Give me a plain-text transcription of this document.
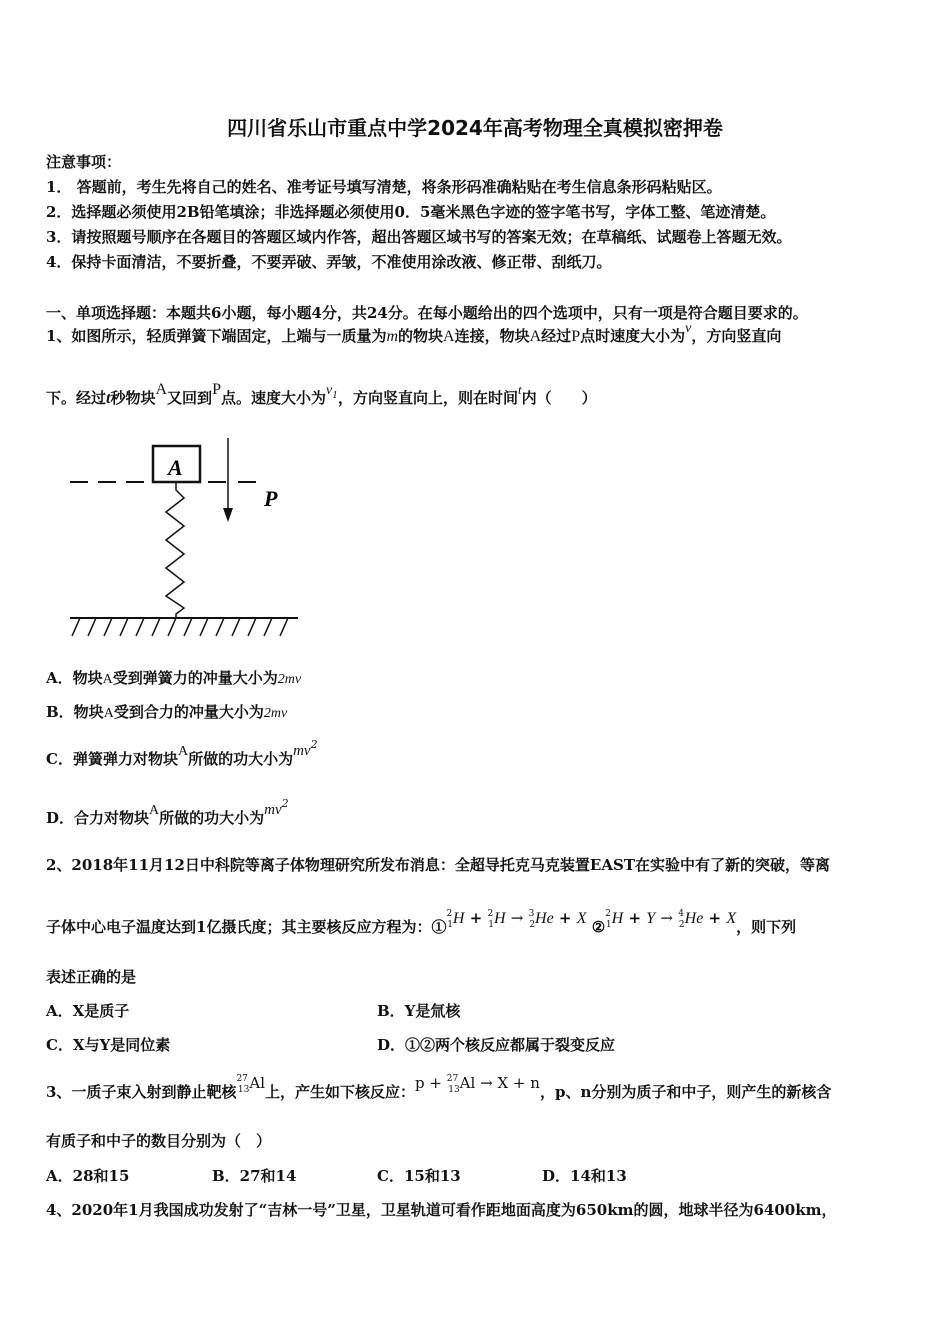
四川省乐山市重点中学2024年高考物理全真模拟密押卷
注意事项：
1． 答题前，考生先将自己的姓名、准考证号填写清楚，将条形码准确粘贴在考生信息条形码粘贴区。
2．选择题必须使用2B铅笔填涂；非选择题必须使用0．5毫米黑色字迹的签字笔书写，字体工整、笔迹清楚。
3．请按照题号顺序在各题目的答题区域内作答，超出答题区域书写的答案无效；在草稿纸、试题卷上答题无效。
4．保持卡面清洁，不要折叠，不要弄破、弄皱，不准使用涂改液、修正带、刮纸刀。
一、单项选择题：本题共6小题，每小题4分，共24分。在每小题给出的四个选项中，只有一项是符合题目要求的。
1、如图所示，轻质弹簧下端固定，上端与一质量为m的物块A连接，物块A经过P点时速度大小为v，方向竖直向
下。经过t秒物块A又回到P点。速度大小为$v_1$，方向竖直向上，则在时间t内（　　）
A
P
A．物块A受到弹簧力的冲量大小为2mv
B．物块A受到合力的冲量大小为2mv
C．弹簧弹力对物块A所做的功大小为$mv^2$
D．合力对物块A所做的功大小为$mv^2$
2、2018年11月12日中科院等离子体物理研究所发布消息：全超导托克马克装置EAST在实验中有了新的突破，等离
子体中心电子温度达到1亿摄氏度；其主要核反应方程为：①$^2_1$H + $^2_1$H → $^3_2$He + X ②$^2_1$H + Y → $^4_2$He + X，则下列
表述正确的是
A．X是质子	B．Y是氚核
C．X与Y是同位素	D．①②两个核反应都属于裂变反应
3、一质子束入射到静止靶核$^{27}_{13}$Al上，产生如下核反应：p + $^{27}_{13}$Al → X + n，p、n分别为质子和中子，则产生的新核含
有质子和中子的数目分别为（　）
A．28和15	B．27和14	C．15和13	D．14和13
4、2020年1月我国成功发射了“吉林一号”卫星，卫星轨道可看作距地面高度为650km的圆，地球半径为6400km，
